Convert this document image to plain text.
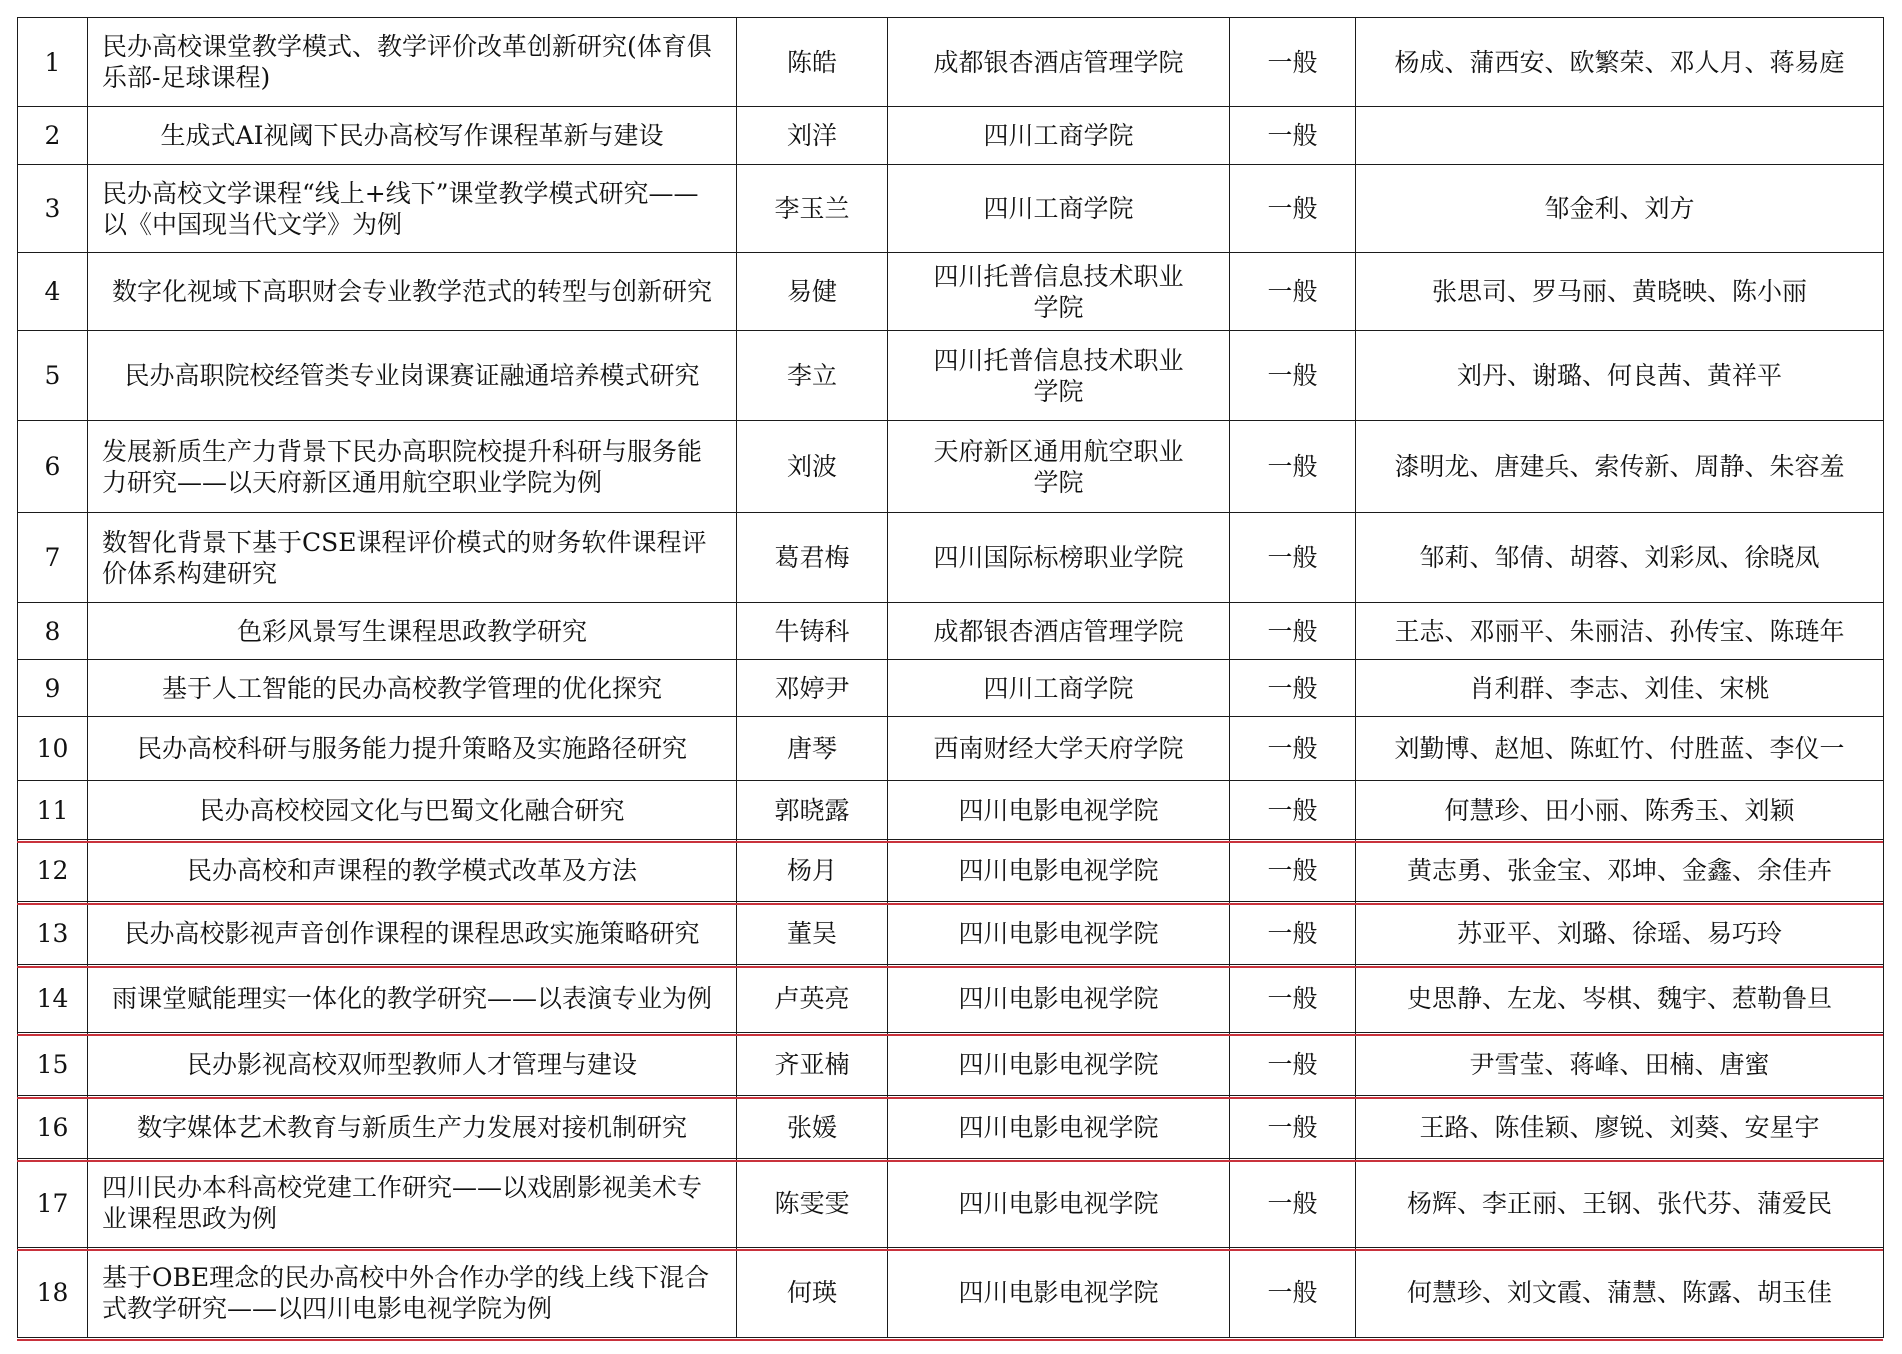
1	民办高校课堂教学模式、教学评价改革创新研究(体育俱乐部-足球课程)	陈皓	成都银杏酒店管理学院	一般	杨成、蒲西安、欧繁荣、邓人月、蒋易庭
2	生成式AI视阈下民办高校写作课程革新与建设	刘洋	四川工商学院	一般	
3	民办高校文学课程“线上+线下”课堂教学模式研究——以《中国现当代文学》为例	李玉兰	四川工商学院	一般	邹金利、刘方
4	数字化视域下高职财会专业教学范式的转型与创新研究	易健	四川托普信息技术职业学院	一般	张思司、罗马丽、黄晓映、陈小丽
5	民办高职院校经管类专业岗课赛证融通培养模式研究	李立	四川托普信息技术职业学院	一般	刘丹、谢璐、何良茜、黄祥平
6	发展新质生产力背景下民办高职院校提升科研与服务能力研究——以天府新区通用航空职业学院为例	刘波	天府新区通用航空职业学院	一般	漆明龙、唐建兵、索传新、周静、朱容羞
7	数智化背景下基于CSE课程评价模式的财务软件课程评价体系构建研究	葛君梅	四川国际标榜职业学院	一般	邹莉、邹倩、胡蓉、刘彩凤、徐晓凤
8	色彩风景写生课程思政教学研究	牛铸科	成都银杏酒店管理学院	一般	王志、邓丽平、朱丽洁、孙传宝、陈琏年
9	基于人工智能的民办高校教学管理的优化探究	邓婷尹	四川工商学院	一般	肖利群、李志、刘佳、宋桃
10	民办高校科研与服务能力提升策略及实施路径研究	唐琴	西南财经大学天府学院	一般	刘勤博、赵旭、陈虹竹、付胜蓝、李仪一
11	民办高校校园文化与巴蜀文化融合研究	郭晓露	四川电影电视学院	一般	何慧珍、田小丽、陈秀玉、刘颖
12	民办高校和声课程的教学模式改革及方法	杨月	四川电影电视学院	一般	黄志勇、张金宝、邓坤、金鑫、余佳卉
13	民办高校影视声音创作课程的课程思政实施策略研究	董吴	四川电影电视学院	一般	苏亚平、刘璐、徐瑶、易巧玲
14	雨课堂赋能理实一体化的教学研究——以表演专业为例	卢英亮	四川电影电视学院	一般	史思静、左龙、岑棋、魏宇、惹勒鲁旦
15	民办影视高校双师型教师人才管理与建设	齐亚楠	四川电影电视学院	一般	尹雪莹、蒋峰、田楠、唐蜜
16	数字媒体艺术教育与新质生产力发展对接机制研究	张媛	四川电影电视学院	一般	王路、陈佳颖、廖锐、刘葵、安星宇
17	四川民办本科高校党建工作研究——以戏剧影视美术专业课程思政为例	陈雯雯	四川电影电视学院	一般	杨辉、李正丽、王钢、张代芬、蒲爱民
18	基于OBE理念的民办高校中外合作办学的线上线下混合式教学研究——以四川电影电视学院为例	何瑛	四川电影电视学院	一般	何慧珍、刘文霞、蒲慧、陈露、胡玉佳
